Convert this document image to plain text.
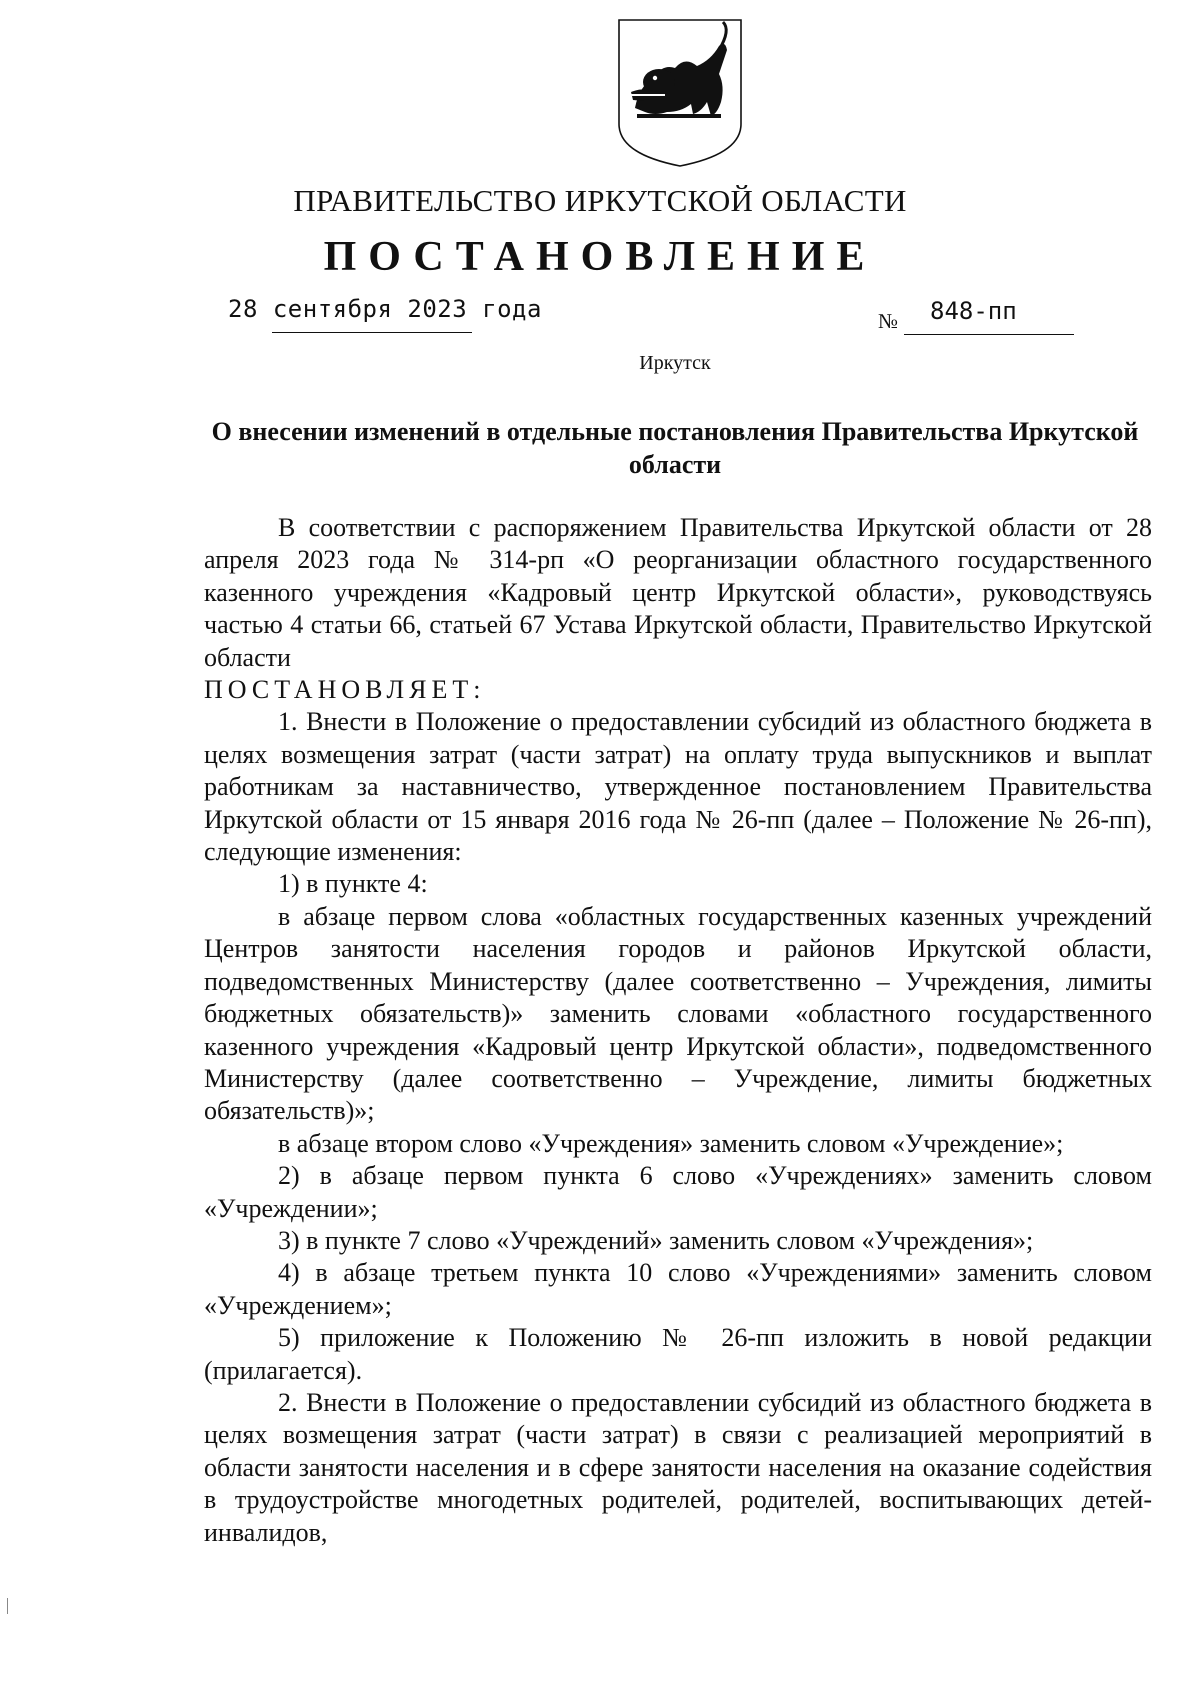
ПРАВИТЕЛЬСТВО ИРКУТСКОЙ ОБЛАСТИ
ПОСТАНОВЛЕНИЕ
28 сентября 2023 года	№ 848-пп
Иркутск
О внесении изменений в отдельные постановления Правительства Иркутской области

В соответствии с распоряжением Правительства Иркутской области от 28 апреля 2023 года № 314-рп «О реорганизации областного государственного казенного учреждения «Кадровый центр Иркутской области», руководствуясь частью 4 статьи 66, статьей 67 Устава Иркутской области, Правительство Иркутской области

ПОСТАНОВЛЯЕТ:

1. Внести в Положение о предоставлении субсидий из областного бюджета в целях возмещения затрат (части затрат) на оплату труда выпускников и выплат работникам за наставничество, утвержденное постановлением Правительства Иркутской области от 15 января 2016 года № 26-пп (далее – Положение № 26-пп), следующие изменения:

1) в пункте 4:

в абзаце первом слова «областных государственных казенных учреждений Центров занятости населения городов и районов Иркутской области, подведомственных Министерству (далее соответственно – Учреждения, лимиты бюджетных обязательств)» заменить словами «областного государственного казенного учреждения «Кадровый центр Иркутской области», подведомственного Министерству (далее соответственно – Учреждение, лимиты бюджетных обязательств)»;

в абзаце втором слово «Учреждения» заменить словом «Учреждение»;

2) в абзаце первом пункта 6 слово «Учреждениях» заменить словом «Учреждении»;

3) в пункте 7 слово «Учреждений» заменить словом «Учреждения»;

4) в абзаце третьем пункта 10 слово «Учреждениями» заменить словом «Учреждением»;

5) приложение к Положению № 26-пп изложить в новой редакции (прилагается).

2. Внести в Положение о предоставлении субсидий из областного бюджета в целях возмещения затрат (части затрат) в связи с реализацией мероприятий в области занятости населения и в сфере занятости населения на оказание содействия в трудоустройстве многодетных родителей, родителей, воспитывающих детей-инвалидов,
